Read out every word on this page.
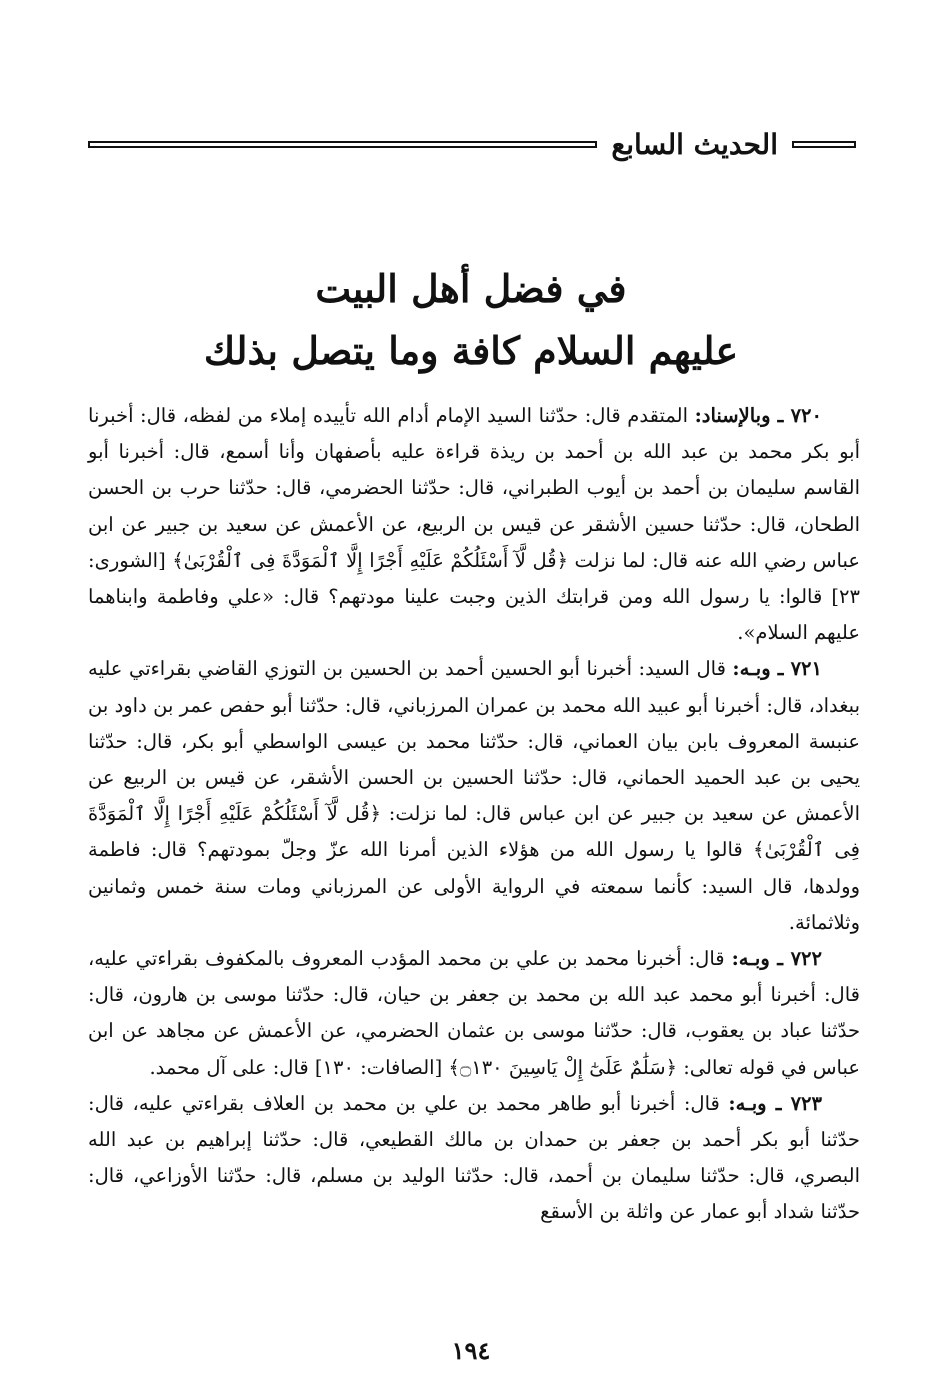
الحديث السابع
في فضل أهل البيت
عليهم السلام كافة وما يتصل بذلك

٧٢٠ ـ وبالإسناد: المتقدم قال: حدّثنا السيد الإمام أدام الله تأييده إملاء من لفظه، قال: أخبرنا أبو بكر محمد بن عبد الله بن أحمد بن ريذة قراءة عليه بأصفهان وأنا أسمع، قال: أخبرنا أبو القاسم سليمان بن أحمد بن أيوب الطبراني، قال: حدّثنا الحضرمي، قال: حدّثنا حرب بن الحسن الطحان، قال: حدّثنا حسين الأشقر عن قيس بن الربيع، عن الأعمش عن سعيد بن جبير عن ابن عباس رضي الله عنه قال: لما نزلت ﴿قُل لَّآ أَسْئَلُكُمْ عَلَيْهِ أَجْرًا إِلَّا ٱلْمَوَدَّةَ فِى ٱلْقُرْبَىٰ﴾ [الشورى: ٢٣] قالوا: يا رسول الله ومن قرابتك الذين وجبت علينا مودتهم؟ قال: «علي وفاطمة وابناهما عليهم السلام».

٧٢١ ـ وبـه: قال السيد: أخبرنا أبو الحسين أحمد بن الحسين بن التوزي القاضي بقراءتي عليه ببغداد، قال: أخبرنا أبو عبيد الله محمد بن عمران المرزباني، قال: حدّثنا أبو حفص عمر بن داود بن عنبسة المعروف بابن بيان العماني، قال: حدّثنا محمد بن عيسى الواسطي أبو بكر، قال: حدّثنا يحيى بن عبد الحميد الحماني، قال: حدّثنا الحسين بن الحسن الأشقر، عن قيس بن الربيع عن الأعمش عن سعيد بن جبير عن ابن عباس قال: لما نزلت: ﴿قُل لَّآ أَسْئَلُكُمْ عَلَيْهِ أَجْرًا إِلَّا ٱلْمَوَدَّةَ فِى ٱلْقُرْبَىٰ﴾ قالوا يا رسول الله من هؤلاء الذين أمرنا الله عزّ وجلّ بمودتهم؟ قال: فاطمة وولدها، قال السيد: كأنما سمعته في الرواية الأولى عن المرزباني ومات سنة خمس وثمانين وثلاثمائة.

٧٢٢ ـ وبـه: قال: أخبرنا محمد بن علي بن محمد المؤدب المعروف بالمكفوف بقراءتي عليه، قال: أخبرنا أبو محمد عبد الله بن محمد بن جعفر بن حيان، قال: حدّثنا موسى بن هارون، قال: حدّثنا عباد بن يعقوب، قال: حدّثنا موسى بن عثمان الحضرمي، عن الأعمش عن مجاهد عن ابن عباس في قوله تعالى: ﴿سَلَٰمٌ عَلَىٰٓ إِلْ يَاسِينَ ۝١٣٠﴾ [الصافات: ١٣٠] قال: على آل محمد.

٧٢٣ ـ وبـه: قال: أخبرنا أبو طاهر محمد بن علي بن محمد بن العلاف بقراءتي عليه، قال: حدّثنا أبو بكر أحمد بن جعفر بن حمدان بن مالك القطيعي، قال: حدّثنا إبراهيم بن عبد الله البصري، قال: حدّثنا سليمان بن أحمد، قال: حدّثنا الوليد بن مسلم، قال: حدّثنا الأوزاعي، قال: حدّثنا شداد أبو عمار عن واثلة بن الأسقع

١٩٤
